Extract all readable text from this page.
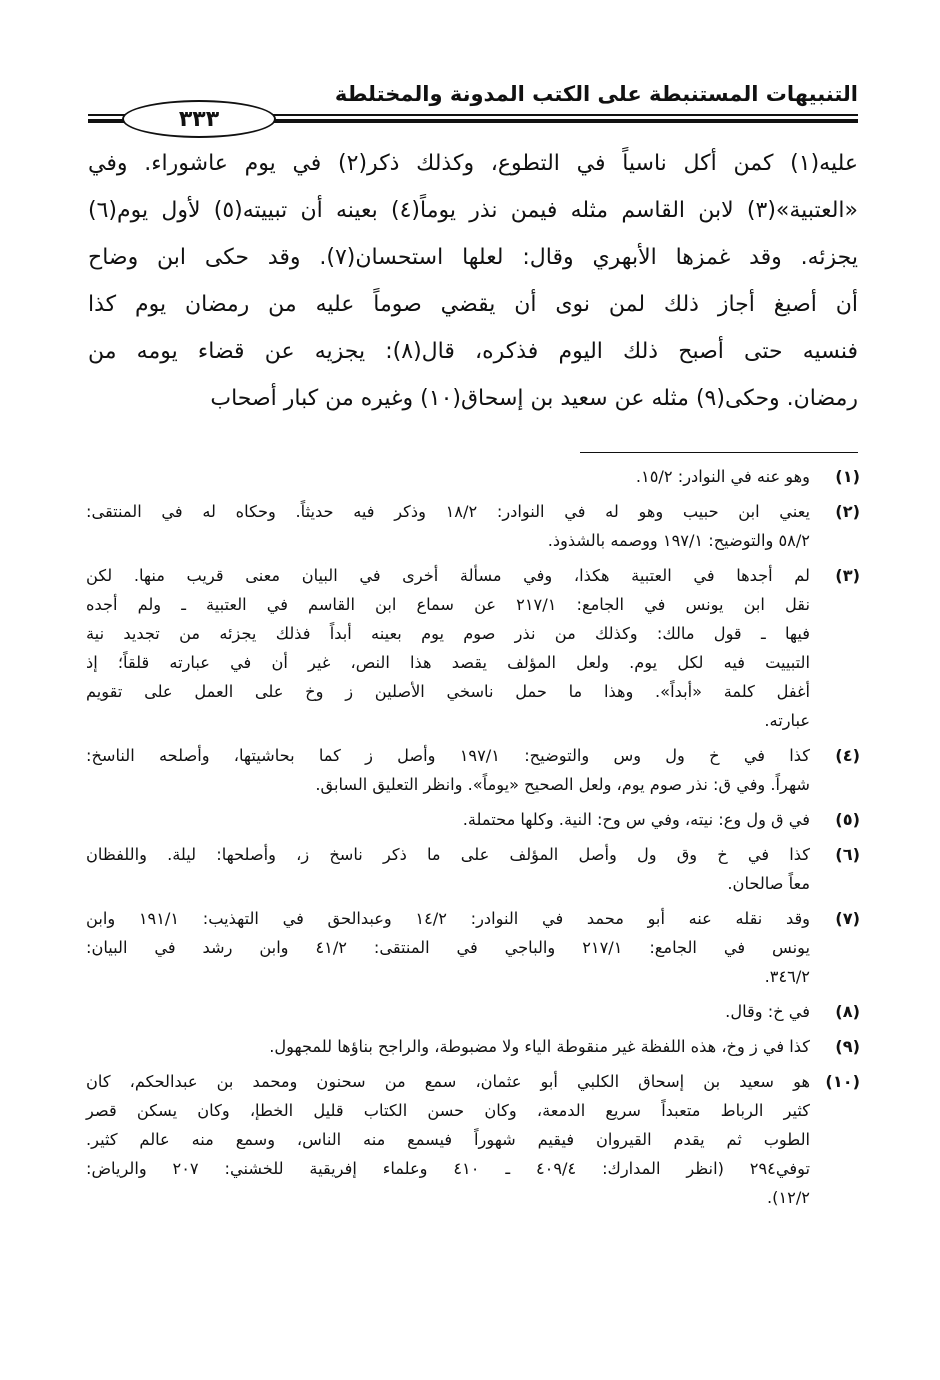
التنبيهات المستنبطة على الكتب المدونة والمختلطة
٣٣٣
عليه(١) كمن أكل ناسياً في التطوع، وكذلك ذكر(٢) في يوم عاشوراء. وفي
«العتبية»(٣) لابن القاسم مثله فيمن نذر يوماً(٤) بعينه أن تبييته(٥) لأول يوم(٦)
يجزئه. وقد غمزها الأبهري وقال: لعلها استحسان(٧). وقد حكى ابن وضاح
أن أصبغ أجاز ذلك لمن نوى أن يقضي صوماً عليه من رمضان يوم كذا
فنسيه حتى أصبح ذلك اليوم فذكره، قال(٨): يجزيه عن قضاء يومه من
رمضان. وحكى(٩) مثله عن سعيد بن إسحاق(١٠) وغيره من كبار أصحاب
(١)
وهو عنه في النوادر: ١٥/٢.
(٢)
يعني ابن حبيب وهو له في النوادر: ١٨/٢ وذكر فيه حديثاً. وحكاه له في المنتقى:
٥٨/٢ والتوضيح: ١٩٧/١ ووصمه بالشذوذ.
(٣)
لم أجدها في العتبية هكذا، وفي مسألة أخرى في البيان معنى قريب منها. لكن
نقل ابن يونس في الجامع: ٢١٧/١ عن سماع ابن القاسم في العتبية ـ ولم أجده
فيها ـ قول مالك: وكذلك من نذر صوم يوم بعينه أبداً فذلك يجزئه من تجديد نية
التبييت فيه لكل يوم. ولعل المؤلف يقصد هذا النص، غير أن في عبارته قلقاً؛ إذ
أغفل كلمة «أبداً». وهذا ما حمل ناسخي الأصلين ز وخ على العمل على تقويم
عبارته.
(٤)
كذا في خ ول وس والتوضيح: ١٩٧/١ وأصل ز كما بحاشيتها، وأصلحه الناسخ:
شهراً. وفي ق: نذر صوم يوم، ولعل الصحيح «يوماً». وانظر التعليق السابق.
(٥)
في ق ول وع: نيته، وفي س وح: النية. وكلها محتملة.
(٦)
كذا في خ وق ول وأصل المؤلف على ما ذكر ناسخ ز، وأصلحها: ليلة. واللفظان
معاً صالحان.
(٧)
وقد نقله عنه أبو محمد في النوادر: ١٤/٢ وعبدالحق في التهذيب: ١٩١/١ وابن
يونس في الجامع: ٢١٧/١ والباجي في المنتقى: ٤١/٢ وابن رشد في البيان:
٣٤٦/٢.
(٨)
في خ: وقال.
(٩)
كذا في ز وخ، هذه اللفظة غير منقوطة الياء ولا مضبوطة، والراجح بناؤها للمجهول.
(١٠)
هو سعيد بن إسحاق الكلبي أبو عثمان، سمع من سحنون ومحمد بن عبدالحكم، كان
كثير الرباط متعبداً سريع الدمعة، وكان حسن الكتاب قليل الخطإ، وكان يسكن قصر
الطوب ثم يقدم القيروان فيقيم شهوراً فيسمع منه الناس، وسمع منه عالم كثير.
توفي٢٩٤ (انظر المدارك: ٤٠٩/٤ ـ ٤١٠ وعلماء إفريقية للخشني: ٢٠٧ والرياض:
١٢/٢).
